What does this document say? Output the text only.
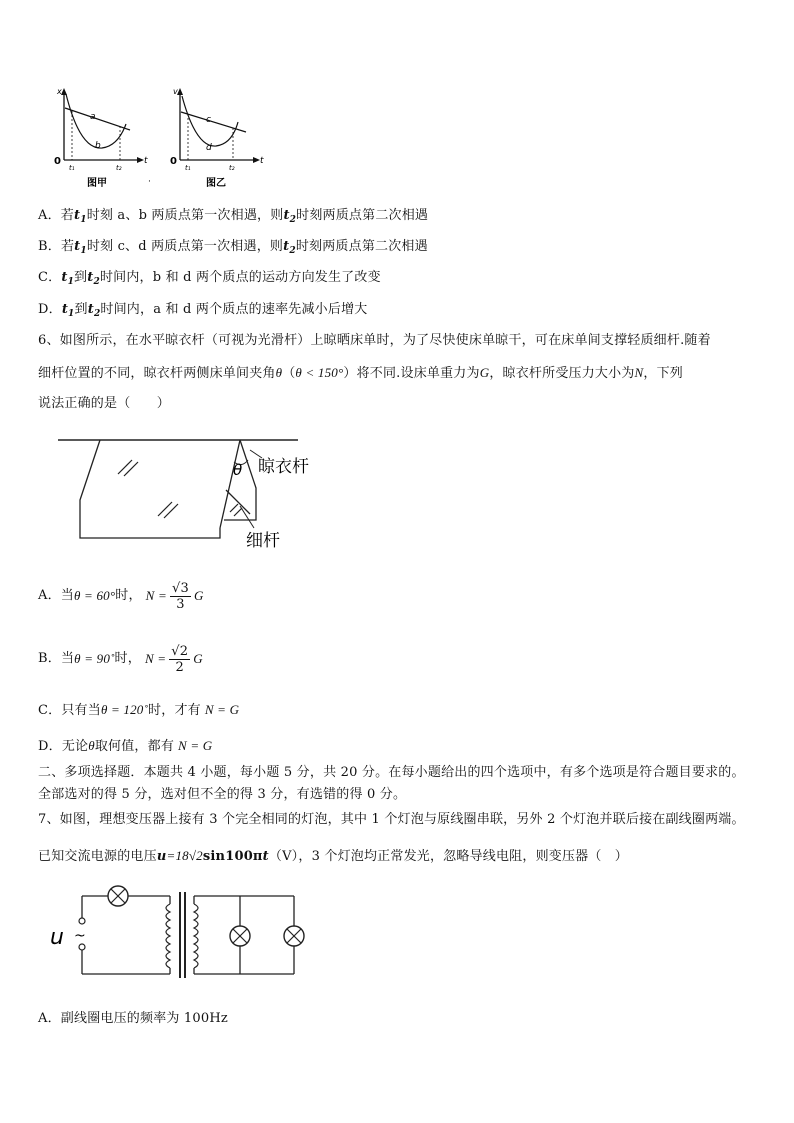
x
0	t
t₁	t₂
a
b
图甲	·
v
0	t
t₁	t₂
c
d
图乙
A．若$t_1$时刻 a、b 两质点第一次相遇，则$t_2$时刻两质点第二次相遇
B．若$t_1$时刻 c、d 两质点第一次相遇，则$t_2$时刻两质点第二次相遇
C．$t_1$到$t_2$时间内，b 和 d 两个质点的运动方向发生了改变
D．$t_1$到$t_2$时间内，a 和 d 两个质点的速率先减小后增大
6、如图所示，在水平晾衣杆（可视为光滑杆）上晾晒床单时，为了尽快使床单晾干，可在床单间支撑轻质细杆.随着
细杆位置的不同，晾衣杆两侧床单间夹角θ（θ < 150°）将不同.设床单重力为G，晾衣杆所受压力大小为N，下列
说法正确的是（　　）
θ 晾衣杆
细杆
A．当 θ = 60° 时， $N = \frac{√3}{3}$ G
B．当 θ = 90˚ 时， $N = \frac{√2}{2}$ G
C．只有当θ = 120˚时，才有 N = G
D．无论θ取何值，都有 N = G
二、多项选择题．本题共 4 小题，每小题 5 分，共 20 分。在每小题给出的四个选项中，有多个选项是符合题目要求的。
全部选对的得 5 分，选对但不全的得 3 分，有选错的得 0 分。
7、如图，理想变压器上接有 3 个完全相同的灯泡，其中 1 个灯泡与原线圈串联，另外 2 个灯泡并联后接在副线圈两端。
已知交流电源的电压u=18√2sin100πt（V），3 个灯泡均正常发光，忽略导线电阻，则变压器（　）
u ~
A．副线圈电压的频率为 100Hz
